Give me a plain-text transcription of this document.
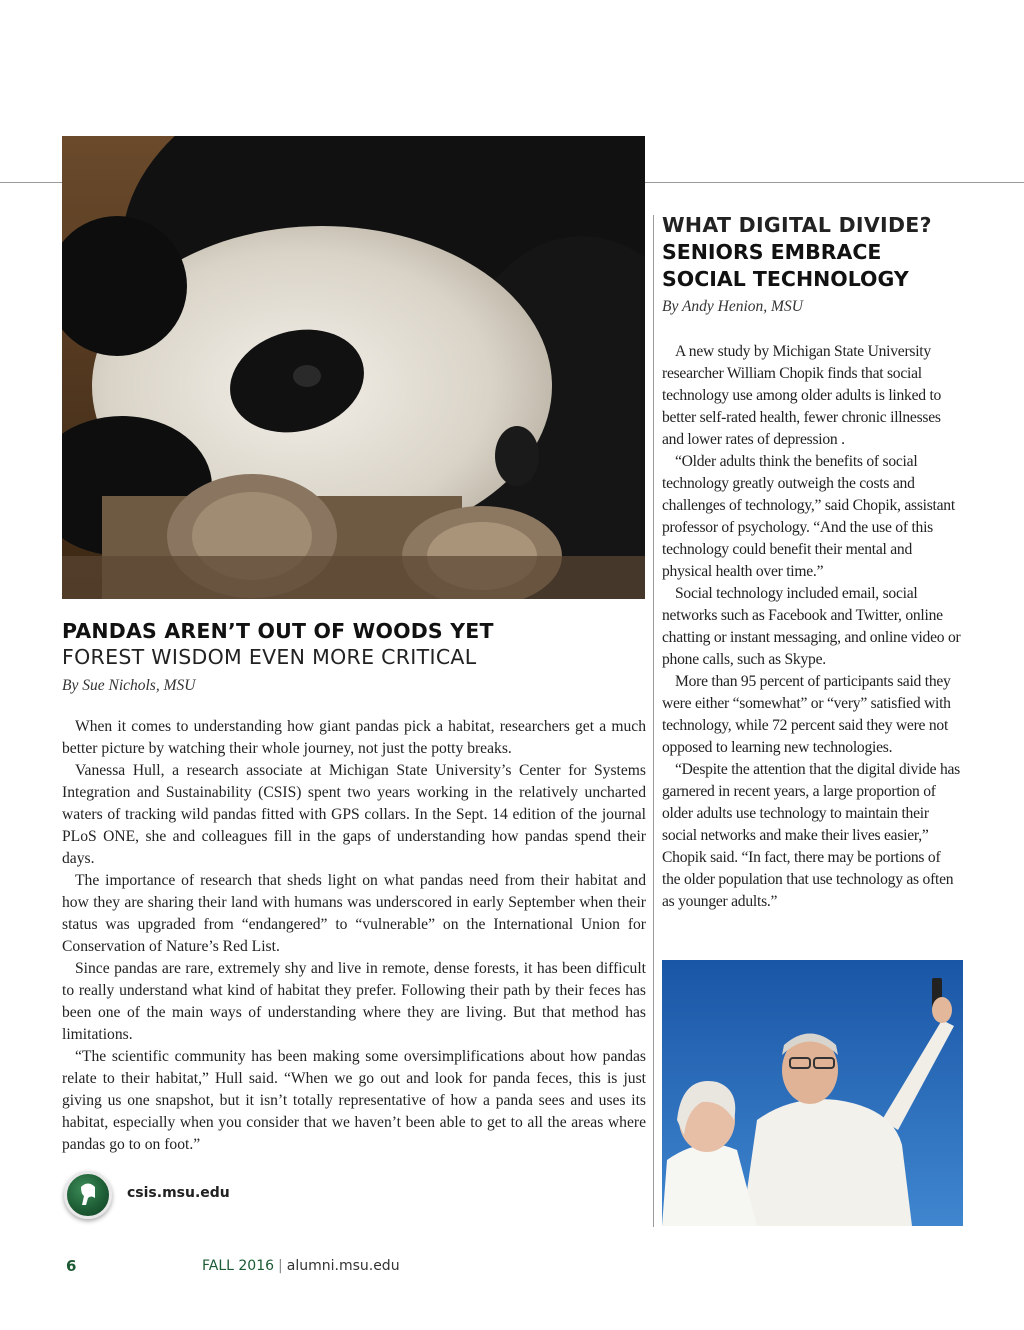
PANDAS AREN’T OUT OF WOODS YET
FOREST WISDOM EVEN MORE CRITICAL

By Sue Nichols, MSU

When it comes to understanding how giant pandas pick a habitat, researchers get a much better picture by watching their whole journey, not just the potty breaks.

Vanessa Hull, a research associate at Michigan State University’s Center for Systems Integration and Sustainability (CSIS) spent two years working in the relatively uncharted waters of tracking wild pandas fitted with GPS collars. In the Sept. 14 edition of the journal PLoS ONE, she and colleagues fill in the gaps of understanding how pandas spend their days.

The importance of research that sheds light on what pandas need from their habitat and how they are sharing their land with humans was underscored in early September when their status was upgraded from “endangered” to “vulnerable” on the International Union for Conservation of Nature’s Red List.

Since pandas are rare, extremely shy and live in remote, dense forests, it has been difficult to really understand what kind of habitat they prefer. Following their path by their feces has been one of the main ways of understanding where they are living. But that method has limitations.

“The scientific community has been making some oversimplifications about how pandas relate to their habitat,” Hull said. “When we go out and look for panda feces, this is just giving us one snapshot, but it isn’t totally representative of how a panda sees and uses its habitat, especially when you consider that we haven’t been able to get to all the areas where pandas go to on foot.”

csis.msu.edu
WHAT DIGITAL DIVIDE?
SENIORS EMBRACE
SOCIAL TECHNOLOGY

By Andy Henion, MSU

A new study by Michigan State University researcher William Chopik finds that social technology use among older adults is linked to better self-rated health, fewer chronic illnesses and lower rates of depression .

“Older adults think the benefits of social technology greatly outweigh the costs and challenges of technology,” said Chopik, assistant professor of psychology. “And the use of this technology could benefit their mental and physical health over time.”

Social technology included email, social networks such as Facebook and Twitter, online chatting or instant messaging, and online video or phone calls, such as Skype.

More than 95 percent of participants said they were either “somewhat” or “very” satisfied with technology, while 72 percent said they were not opposed to learning new technologies.

“Despite the attention that the digital divide has garnered in recent years, a large proportion of older adults use technology to maintain their social networks and make their lives easier,” Chopik said. “In fact, there may be portions of the older population that use technology as often as younger adults.”

6	FALL 2016 | alumni.msu.edu
